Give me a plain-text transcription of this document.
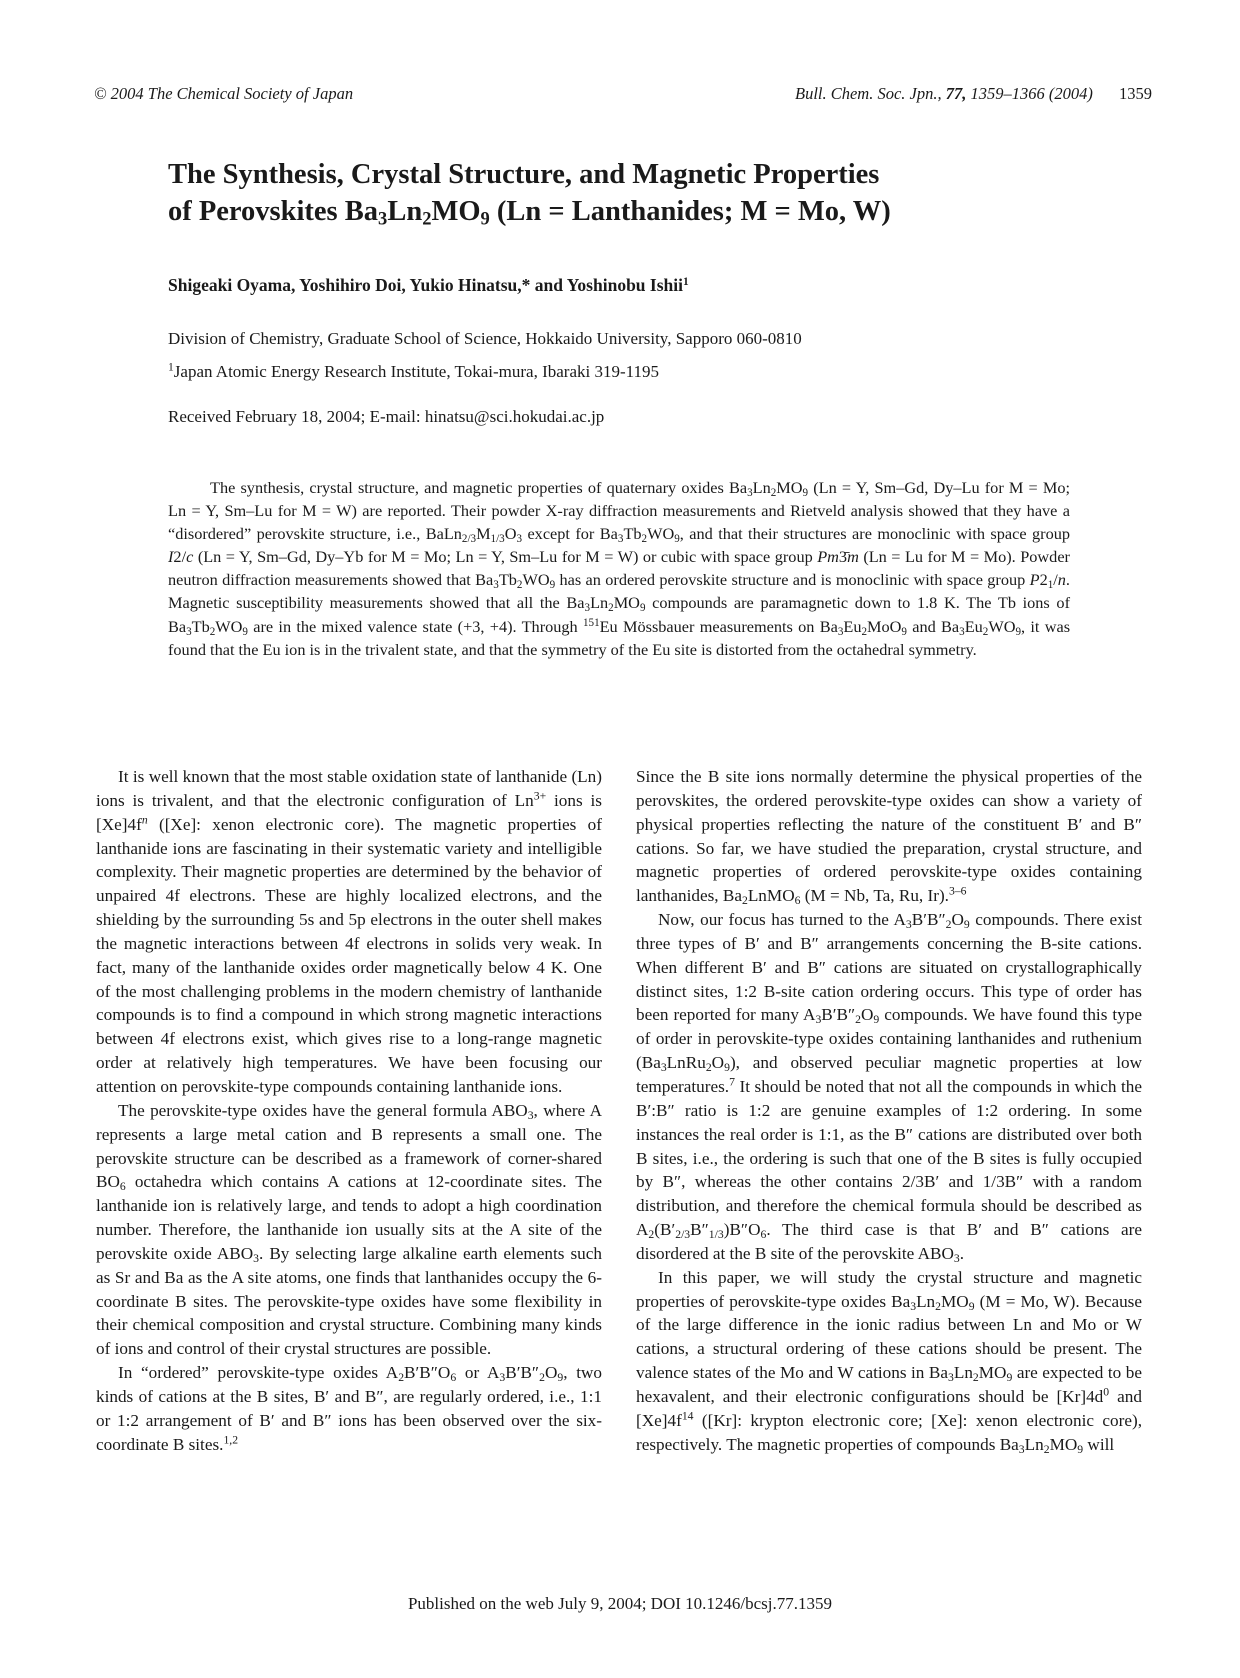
© 2004 The Chemical Society of Japan	Bull. Chem. Soc. Jpn., 77, 1359–1366 (2004) 1359
The Synthesis, Crystal Structure, and Magnetic Properties
of Perovskites $Ba_3Ln_2MO_9$ (Ln = Lanthanides; M = Mo, W)
Shigeaki Oyama, Yoshihiro Doi, Yukio Hinatsu,* and Yoshinobu Ishii$^1$
Division of Chemistry, Graduate School of Science, Hokkaido University, Sapporo 060-0810
$^1$Japan Atomic Energy Research Institute, Tokai-mura, Ibaraki 319-1195
Received February 18, 2004; E-mail: hinatsu@sci.hokudai.ac.jp

The synthesis, crystal structure, and magnetic properties of quaternary oxides $Ba_3Ln_2MO_9$ (Ln = Y, Sm–Gd, Dy–Lu for M = Mo; Ln = Y, Sm–Lu for M = W) are reported. Their powder X-ray diffraction measurements and Rietveld analysis showed that they have a “disordered” perovskite structure, i.e., $BaLn_{2/3}M_{1/3}O_3$ except for $Ba_3Tb_2WO_9$, and that their structures are monoclinic with space group I2/c (Ln = Y, Sm–Gd, Dy–Yb for M = Mo; Ln = Y, Sm–Lu for M = W) or cubic with space group Pm3̄m (Ln = Lu for M = Mo). Powder neutron diffraction measurements showed that $Ba_3Tb_2WO_9$ has an ordered perovskite structure and is monoclinic with space group $P2_1/n$. Magnetic susceptibility measurements showed that all the $Ba_3Ln_2MO_9$ compounds are paramagnetic down to 1.8 K. The Tb ions of $Ba_3Tb_2WO_9$ are in the mixed valence state (+3, +4). Through $^{151}$Eu Mössbauer measurements on $Ba_3Eu_2MoO_9$ and $Ba_3Eu_2WO_9$, it was found that the Eu ion is in the trivalent state, and that the symmetry of the Eu site is distorted from the octahedral symmetry.

It is well known that the most stable oxidation state of lanthanide (Ln) ions is trivalent, and that the electronic configuration of $Ln^{3+}$ ions is $[Xe]4f^n$ ([Xe]: xenon electronic core). The magnetic properties of lanthanide ions are fascinating in their systematic variety and intelligible complexity. Their magnetic properties are determined by the behavior of unpaired 4f electrons. These are highly localized electrons, and the shielding by the surrounding 5s and 5p electrons in the outer shell makes the magnetic interactions between 4f electrons in solids very weak. In fact, many of the lanthanide oxides order magnetically below 4 K. One of the most challenging problems in the modern chemistry of lanthanide compounds is to find a compound in which strong magnetic interactions between 4f electrons exist, which gives rise to a long-range magnetic order at relatively high temperatures. We have been focusing our attention on perovskite-type compounds containing lanthanide ions.

The perovskite-type oxides have the general formula $ABO_3$, where A represents a large metal cation and B represents a small one. The perovskite structure can be described as a framework of corner-shared $BO_6$ octahedra which contains A cations at 12-coordinate sites. The lanthanide ion is relatively large, and tends to adopt a high coordination number. Therefore, the lanthanide ion usually sits at the A site of the perovskite oxide $ABO_3$. By selecting large alkaline earth elements such as Sr and Ba as the A site atoms, one finds that lanthanides occupy the 6-coordinate B sites. The perovskite-type oxides have some flexibility in their chemical composition and crystal structure. Combining many kinds of ions and control of their crystal structures are possible.

In “ordered” perovskite-type oxides $A_2B'B''O_6$ or $A_3B'B''_2O_9$, two kinds of cations at the B sites, B′ and B″, are regularly ordered, i.e., 1:1 or 1:2 arrangement of B′ and B″ ions has been observed over the six-coordinate B sites.$^{1,2}$

Since the B site ions normally determine the physical properties of the perovskites, the ordered perovskite-type oxides can show a variety of physical properties reflecting the nature of the constituent B′ and B″ cations. So far, we have studied the preparation, crystal structure, and magnetic properties of ordered perovskite-type oxides containing lanthanides, $Ba_2LnMO_6$ (M = Nb, Ta, Ru, Ir).$^{3-6}$

Now, our focus has turned to the $A_3B'B''_2O_9$ compounds. There exist three types of B′ and B″ arrangements concerning the B-site cations. When different B′ and B″ cations are situated on crystallographically distinct sites, 1:2 B-site cation ordering occurs. This type of order has been reported for many $A_3B'B''_2O_9$ compounds. We have found this type of order in perovskite-type oxides containing lanthanides and ruthenium $(Ba_3LnRu_2O_9)$, and observed peculiar magnetic properties at low temperatures.$^7$ It should be noted that not all the compounds in which the B′:B″ ratio is 1:2 are genuine examples of 1:2 ordering. In some instances the real order is 1:1, as the B″ cations are distributed over both B sites, i.e., the ordering is such that one of the B sites is fully occupied by B″, whereas the other contains 2/3B′ and 1/3B″ with a random distribution, and therefore the chemical formula should be described as $A_2(B'_{2/3}B''_{1/3})B''O_6$. The third case is that B′ and B″ cations are disordered at the B site of the perovskite $ABO_3$.

In this paper, we will study the crystal structure and magnetic properties of perovskite-type oxides $Ba_3Ln_2MO_9$ (M = Mo, W). Because of the large difference in the ionic radius between Ln and Mo or W cations, a structural ordering of these cations should be present. The valence states of the Mo and W cations in $Ba_3Ln_2MO_9$ are expected to be hexavalent, and their electronic configurations should be $[Kr]4d^0$ and $[Xe]4f^{14}$ ([Kr]: krypton electronic core; [Xe]: xenon electronic core), respectively. The magnetic properties of compounds $Ba_3Ln_2MO_9$ will

Published on the web July 9, 2004; DOI 10.1246/bcsj.77.1359
